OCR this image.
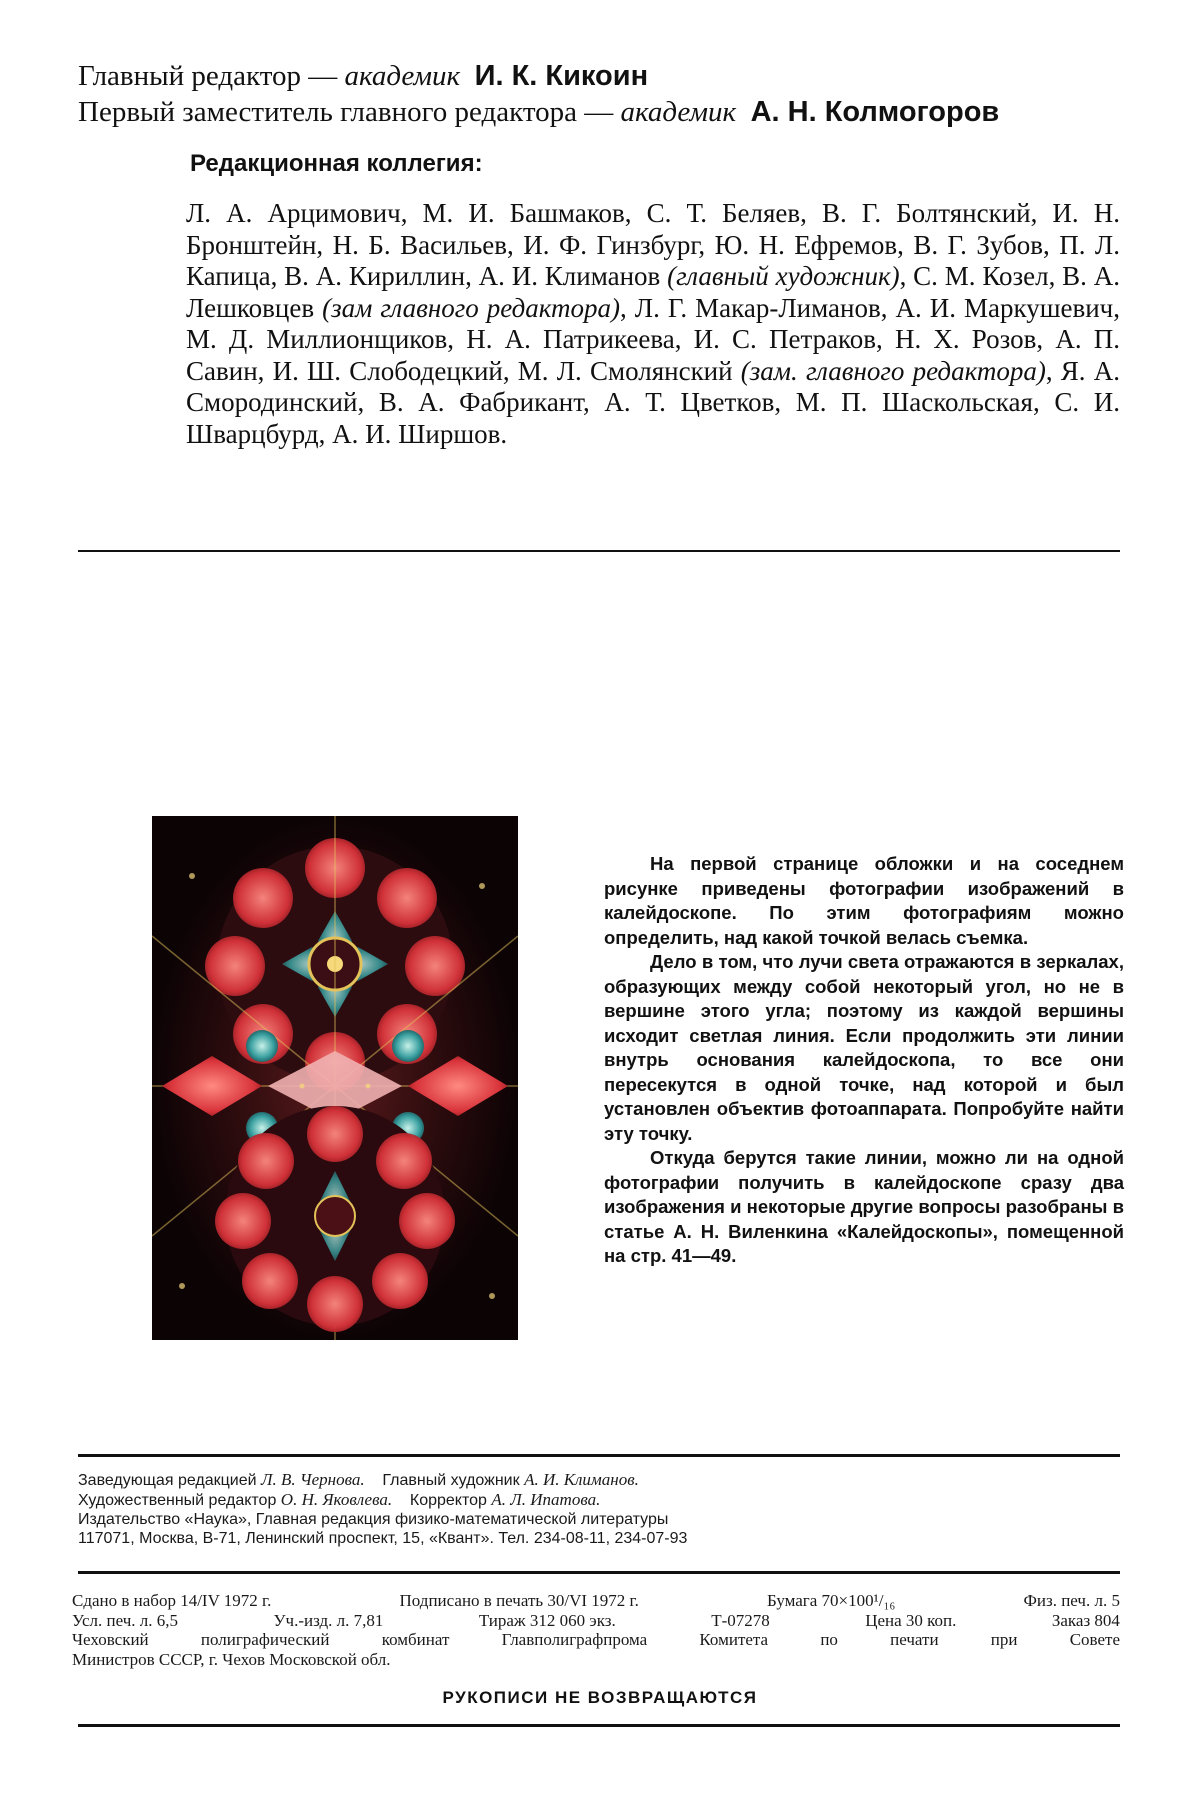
Главный редактор — академик И. К. Кикоин
Первый заместитель главного редактора — академик А. Н. Колмогоров
Редакционная коллегия:
Л. А. Арцимович, М. И. Башмаков, С. Т. Беляев, В. Г. Болтянский, И. Н. Бронштейн, Н. Б. Васильев, И. Ф. Гинзбург, Ю. Н. Ефремов, В. Г. Зубов, П. Л. Капица, В. А. Кириллин, А. И. Климанов (главный художник), С. М. Козел, В. А. Лешковцев (зам главного редактора), Л. Г. Макар-Лиманов, А. И. Маркушевич, М. Д. Миллионщиков, Н. А. Патрикеева, И. С. Петраков, Н. Х. Розов, А. П. Савин, И. Ш. Слободецкий, М. Л. Смолянский (зам. главного редактора), Я. А. Смородинский, В. А. Фабрикант, А. Т. Цветков, М. П. Шаскольская, С. И. Шварцбурд, А. И. Ширшов.

На первой странице обложки и на соседнем рисунке приведены фотографии изображений в калейдоскопе. По этим фотографиям можно определить, над какой точкой велась съемка.

Дело в том, что лучи света отражаются в зеркалах, образующих между собой некоторый угол, но не в вершине этого угла; поэтому из каждой вершины исходит светлая линия. Если продолжить эти линии внутрь основания калейдоскопа, то все они пересекутся в одной точке, над которой и был установлен объектив фотоаппарата. Попробуйте найти эту точку.

Откуда берутся такие линии, можно ли на одной фотографии получить в калейдоскопе сразу два изображения и некоторые другие вопросы разобраны в статье А. Н. Виленкина «Калейдоскопы», помещенной на стр. 41—49.

Заведующая редакцией Л. В. Чернова. Главный художник А. И. Климанов.
Художественный редактор О. Н. Яковлева. Корректор А. Л. Ипатова.
Издательство «Наука», Главная редакция физико-математической литературы
117071, Москва, В-71, Ленинский проспект, 15, «Квант». Тел. 234-08-11, 234-07-93
Сдано в набор 14/IV 1972 г.	Подписано в печать 30/VI 1972 г.	Бумага 70×100¹/₁₆	Физ. печ. л. 5
Усл. печ. л. 6,5	Уч.-изд. л. 7,81	Тираж 312 060 экз.	Т-07278	Цена 30 коп.	Заказ 804
Чеховский	полиграфический	комбинат	Главполиграфпрома	Комитета	по	печати	при	Совете
Министров СССР, г. Чехов Московской обл.
РУКОПИСИ НЕ ВОЗВРАЩАЮТСЯ
